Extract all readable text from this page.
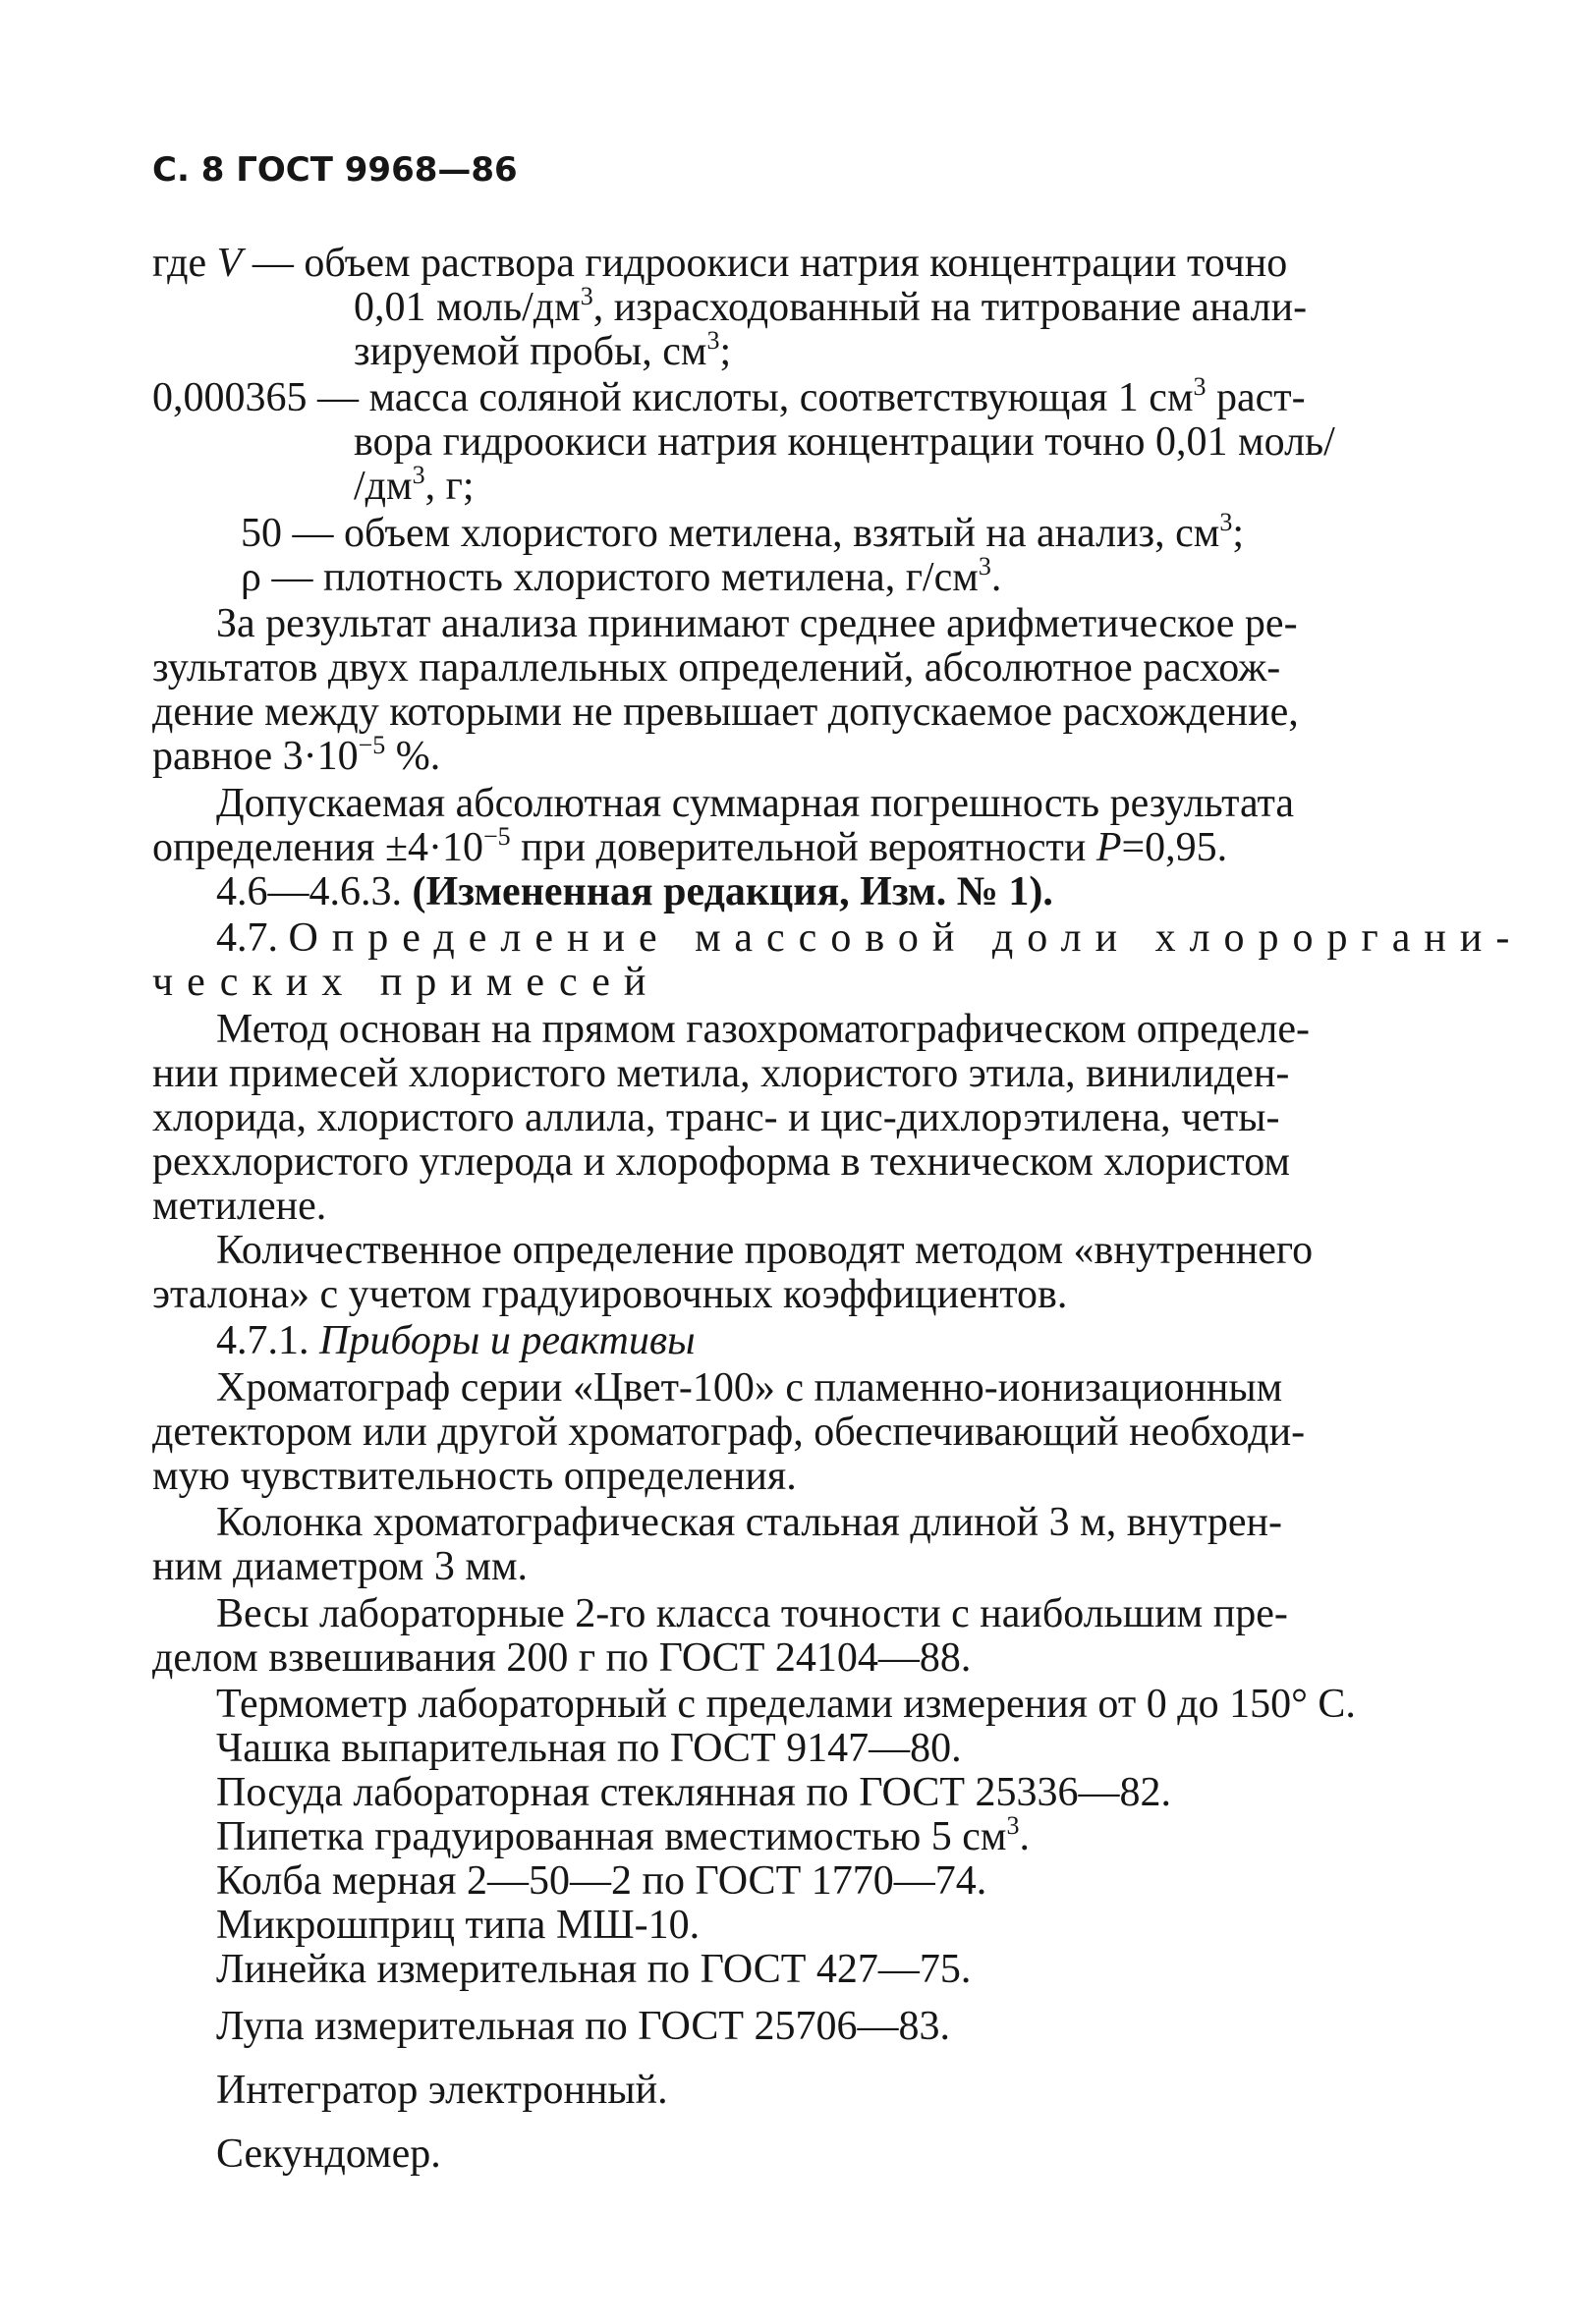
С. 8 ГОСТ 9968—86
где V — объем раствора гидроокиси натрия концентрации точно
0,01 моль/$дм^3$, израсходованный на титрование анали-
зируемой пробы, $см^3$;
0,000365 — масса соляной кислоты, соответствующая 1 $см^3$ раст-
вора гидроокиси натрия концентрации точно 0,01 моль/
$/дм^3$, г;
50 — объем хлористого метилена, взятый на анализ, $см^3$;
ρ — плотность хлористого метилена, $г/см^3$.
За результат анализа принимают среднее арифметическое ре-
зультатов двух параллельных определений, абсолютное расхож-
дение между которыми не превышает допускаемое расхождение,
равное $3\cdot 10^{-5}$ %.
Допускаемая абсолютная суммарная погрешность результата
определения $\pm 4\cdot 10^{-5}$ при доверительной вероятности P=0,95.
4.6—4.6.3. (Измененная редакция, Изм. № 1).
4.7. Определение массовой доли хлороргани-
ческих примесей
Метод основан на прямом газохроматографическом определе-
нии примесей хлористого метила, хлористого этила, винилиден-
хлорида, хлористого аллила, транс- и цис-дихлорэтилена, четы-
реххлористого углерода и хлороформа в техническом хлористом
метилене.
Количественное определение проводят методом «внутреннего
эталона» с учетом градуировочных коэффициентов.
4.7.1. Приборы и реактивы
Хроматограф серии «Цвет-100» с пламенно-ионизационным
детектором или другой хроматограф, обеспечивающий необходи-
мую чувствительность определения.
Колонка хроматографическая стальная длиной 3 м, внутрен-
ним диаметром 3 мм.
Весы лабораторные 2-го класса точности с наибольшим пре-
делом взвешивания 200 г по ГОСТ 24104—88.
Термометр лабораторный с пределами измерения от 0 до 150° С.
Чашка выпарительная по ГОСТ 9147—80.
Посуда лабораторная стеклянная по ГОСТ 25336—82.
Пипетка градуированная вместимостью 5 $см^3$.
Колба мерная 2—50—2 по ГОСТ 1770—74.
Микрошприц типа МШ-10.
Линейка измерительная по ГОСТ 427—75.
Лупа измерительная по ГОСТ 25706—83.
Интегратор электронный.
Секундомер.
